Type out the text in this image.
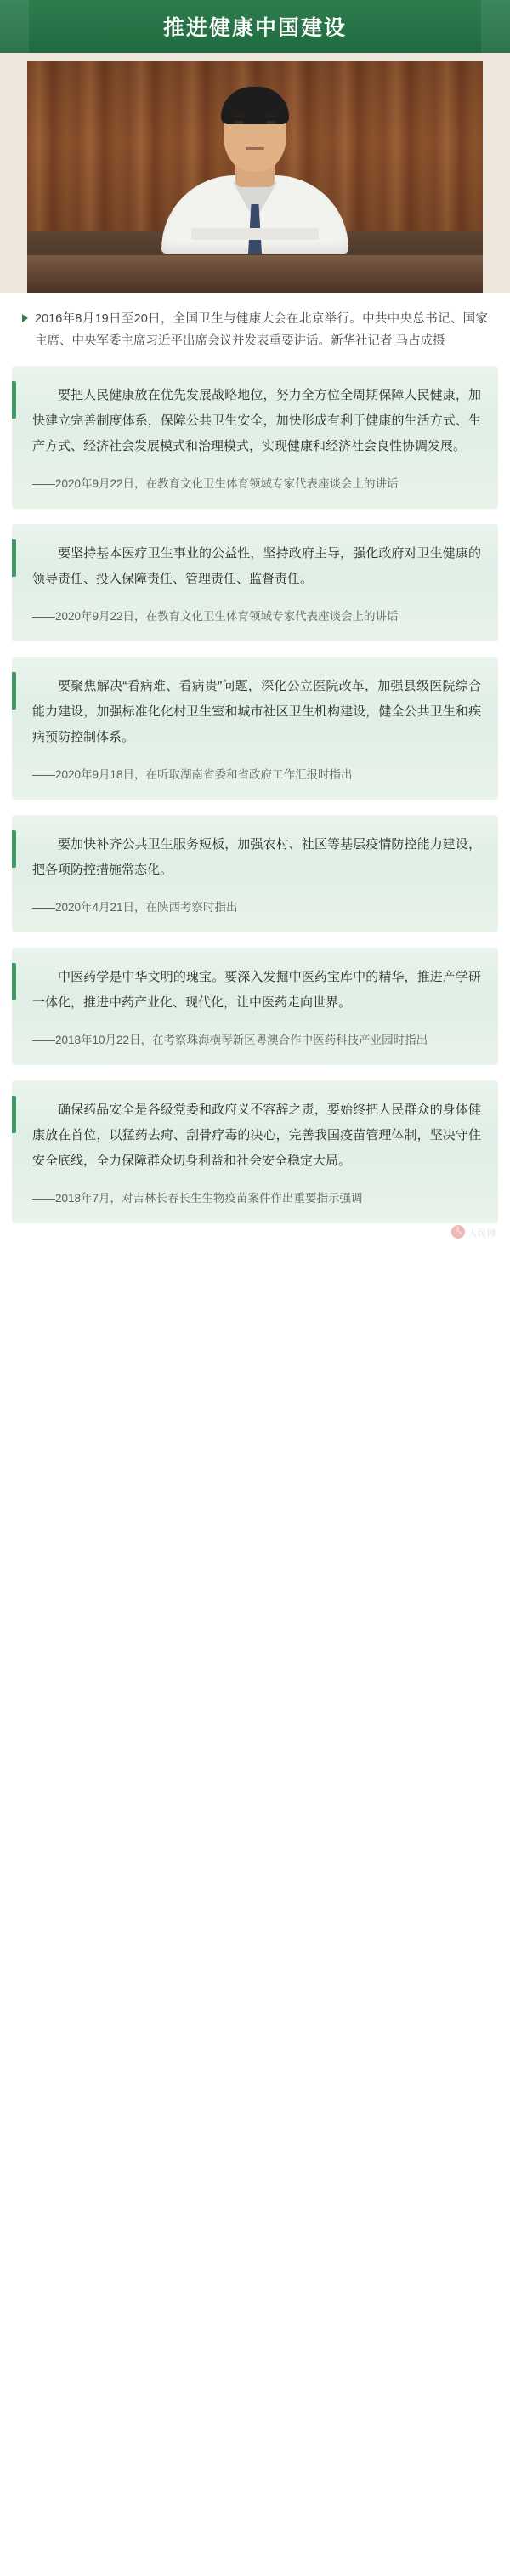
推进健康中国建设
2016年8月19日至20日，全国卫生与健康大会在北京举行。中共中央总书记、国家主席、中央军委主席习近平出席会议并发表重要讲话。新华社记者 马占成摄
要把人民健康放在优先发展战略地位，努力全方位全周期保障人民健康，加快建立完善制度体系，保障公共卫生安全，加快形成有利于健康的生活方式、生产方式、经济社会发展模式和治理模式，实现健康和经济社会良性协调发展。
——2020年9月22日，在教育文化卫生体育领域专家代表座谈会上的讲话
要坚持基本医疗卫生事业的公益性，坚持政府主导，强化政府对卫生健康的领导责任、投入保障责任、管理责任、监督责任。
——2020年9月22日，在教育文化卫生体育领域专家代表座谈会上的讲话
要聚焦解决“看病难、看病贵”问题，深化公立医院改革，加强县级医院综合能力建设，加强标准化化村卫生室和城市社区卫生机构建设，健全公共卫生和疾病预防控制体系。
——2020年9月18日，在听取湖南省委和省政府工作汇报时指出
要加快补齐公共卫生服务短板，加强农村、社区等基层疫情防控能力建设，把各项防控措施常态化。
——2020年4月21日，在陕西考察时指出
中医药学是中华文明的瑰宝。要深入发掘中医药宝库中的精华，推进产学研一体化，推进中药产业化、现代化，让中医药走向世界。
——2018年10月22日，在考察珠海横琴新区粤澳合作中医药科技产业园时指出
确保药品安全是各级党委和政府义不容辞之责，要始终把人民群众的身体健康放在首位，以猛药去疴、刮骨疗毒的决心，完善我国疫苗管理体制，坚决守住安全底线，全力保障群众切身利益和社会安全稳定大局。
——2018年7月，对吉林长春长生生物疫苗案件作出重要指示强调
人
人民网
